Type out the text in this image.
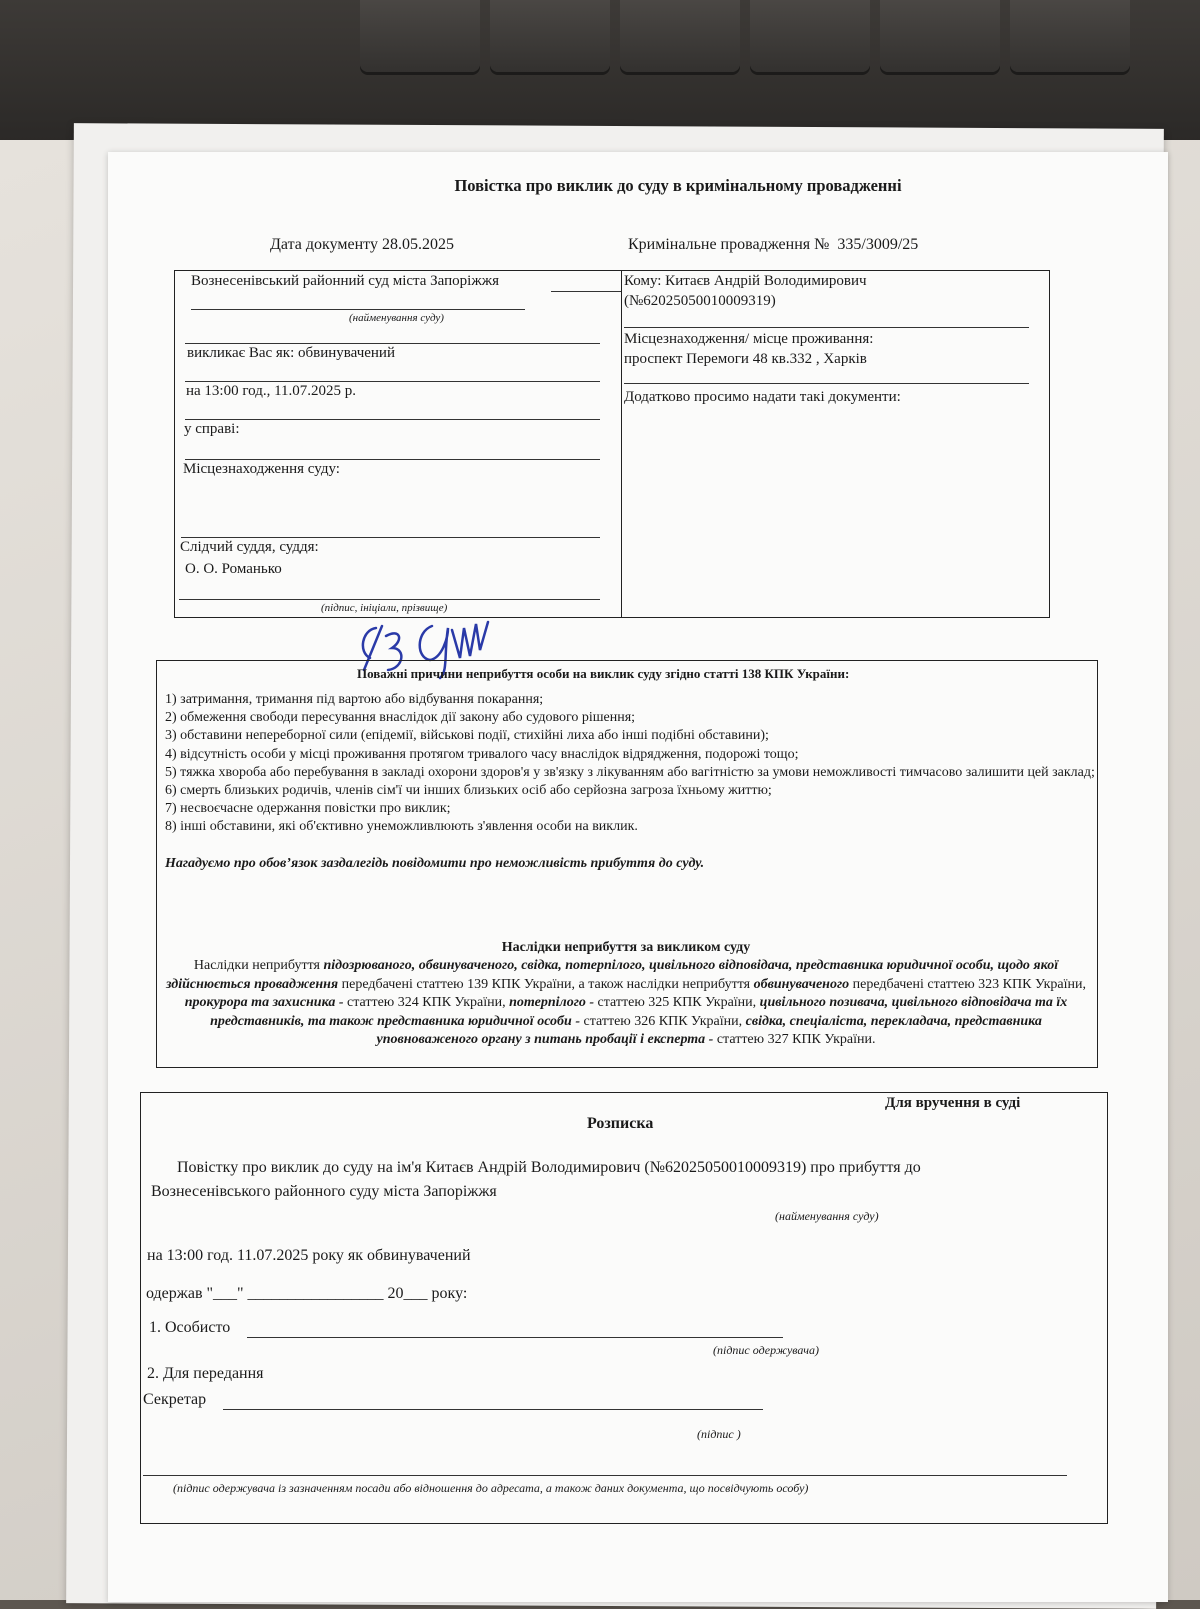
Повістка про виклик до суду в кримінальному провадженні
Дата документу 28.05.2025	Кримінальне провадження № 335/3009/25
Вознесенівський районний суд міста Запоріжжя
(найменування суду)
викликає Вас як: обвинувачений
на 13:00 год., 11.07.2025 р.
у справі:
Місцезнаходження суду:
Слідчий суддя, суддя:
О. О. Романько
(підпис, ініціали, прізвище)
Кому: Китаєв Андрій Володимирович
(№62025050010009319)
Місцезнаходження/ місце проживання:
проспект Перемоги 48 кв.332 , Харків
Додатково просимо надати такі документи:
Поважні причини неприбуття особи на виклик суду згідно статті 138 КПК України:
1) затримання, тримання під вартою або відбування покарання;
2) обмеження свободи пересування внаслідок дії закону або судового рішення;
3) обставини непереборної сили (епідемії, військові події, стихійні лиха або інші подібні обставини);
4) відсутність особи у місці проживання протягом тривалого часу внаслідок відрядження, подорожі тощо;
5) тяжка хвороба або перебування в закладі охорони здоров'я у зв'язку з лікуванням або вагітністю за умови неможливості тимчасово залишити цей заклад;
6) смерть близьких родичів, членів сім'ї чи інших близьких осіб або серйозна загроза їхньому життю;
7) несвоєчасне одержання повістки про виклик;
8) інші обставини, які об'єктивно унеможливлюють з'явлення особи на виклик.
Нагадуємо про обов’язок заздалегідь повідомити про неможливість прибуття до суду.
Наслідки неприбуття за викликом суду
Наслідки неприбуття підозрюваного, обвинуваченого, свідка, потерпілого, цивільного відповідача, представника юридичної особи, щодо якої здійснюється провадження передбачені статтею 139 КПК України, а також наслідки неприбуття обвинуваченого передбачені статтею 323 КПК України, прокурора та захисника - статтею 324 КПК України, потерпілого - статтею 325 КПК України, цивільного позивача, цивільного відповідача та їх представників, та також представника юридичної особи - статтею 326 КПК України, свідка, спеціаліста, перекладача, представника уповноваженого органу з питань пробації і експерта - статтею 327 КПК України.
Для вручення в суді
Розписка
Повістку про виклик до суду на ім'я Китаєв Андрій Володимирович (№62025050010009319) про прибуття до
Вознесенівського районного суду міста Запоріжжя
(найменування суду)
на 13:00 год. 11.07.2025 року як обвинувачений
одержав "___" _________________ 20___ року:
1. Особисто
(підпис одержувача)
2. Для передання
Секретар
(підпис )
(підпис одержувача із зазначенням посади або відношення до адресата, а також даних документа, що посвідчують особу)
